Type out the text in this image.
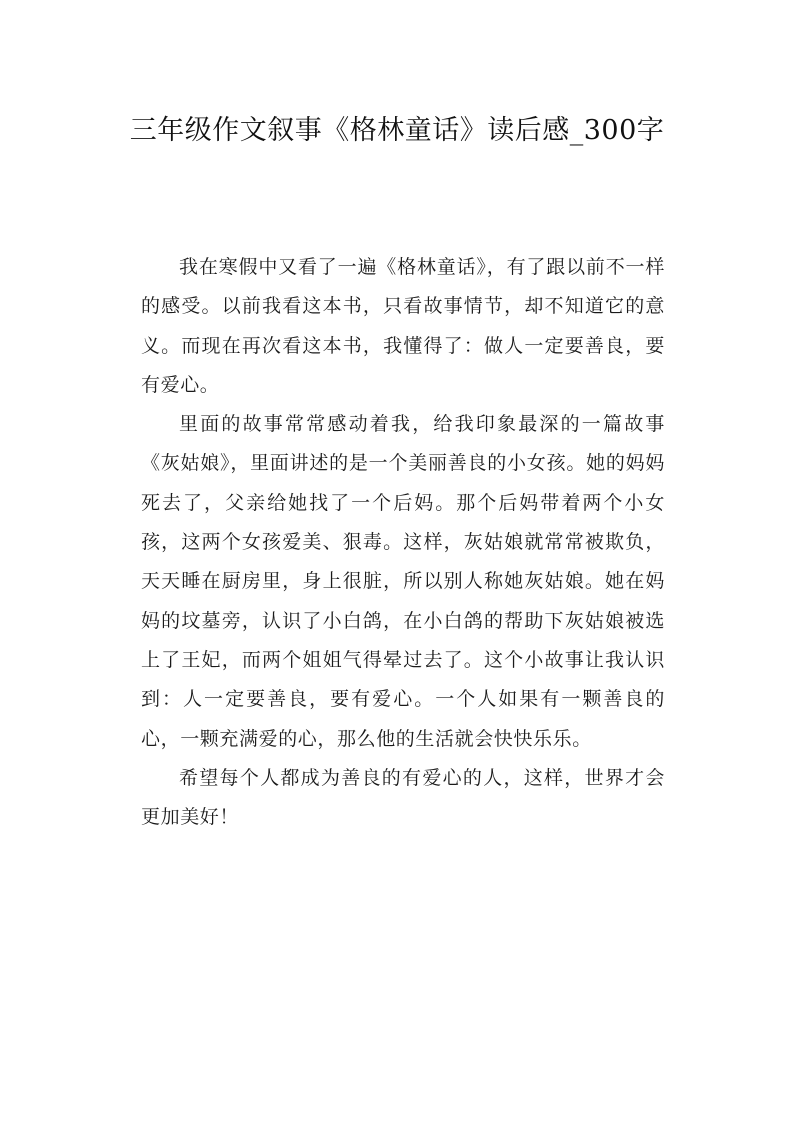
三年级作文叙事《格林童话》读后感_300字

我在寒假中又看了一遍《格林童话》，有了跟以前不一样的感受。以前我看这本书，只看故事情节，却不知道它的意义。而现在再次看这本书，我懂得了：做人一定要善良，要有爱心。

里面的故事常常感动着我，给我印象最深的一篇故事《灰姑娘》，里面讲述的是一个美丽善良的小女孩。她的妈妈死去了，父亲给她找了一个后妈。那个后妈带着两个小女孩，这两个女孩爱美、狠毒。这样，灰姑娘就常常被欺负，天天睡在厨房里，身上很脏，所以别人称她灰姑娘。她在妈妈的坟墓旁，认识了小白鸽，在小白鸽的帮助下灰姑娘被选上了王妃，而两个姐姐气得晕过去了。这个小故事让我认识到：人一定要善良，要有爱心。一个人如果有一颗善良的心，一颗充满爱的心，那么他的生活就会快快乐乐。

希望每个人都成为善良的有爱心的人，这样，世界才会更加美好！
